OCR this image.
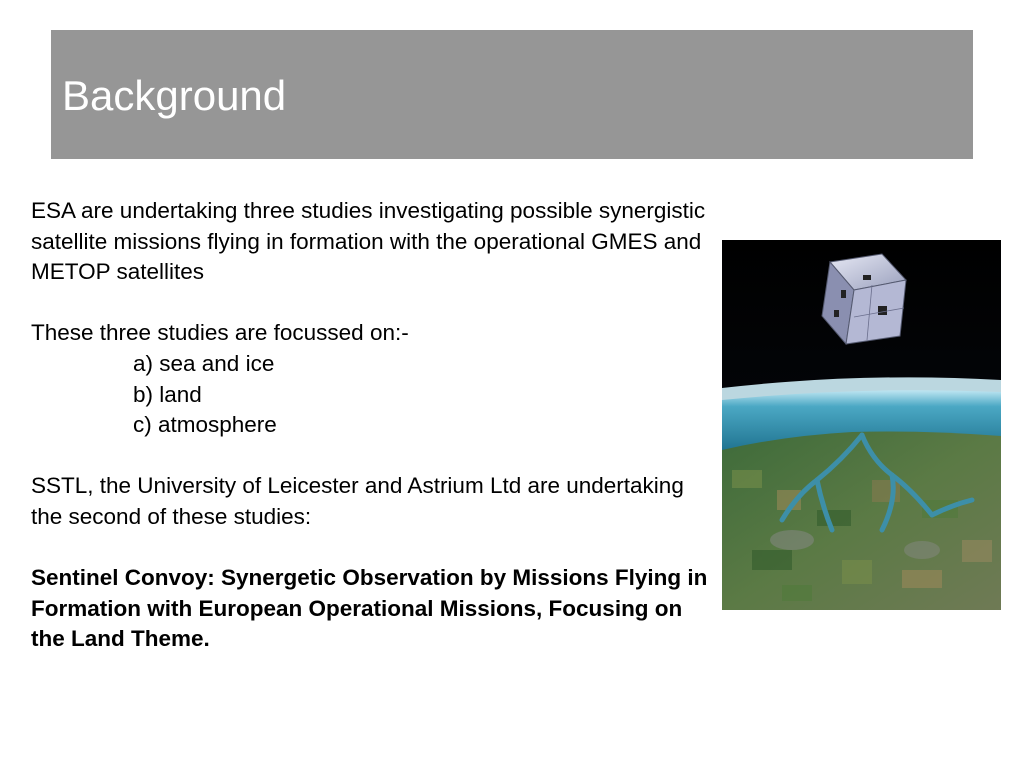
Background

ESA are undertaking three studies investigating possible synergistic satellite missions flying in formation with the operational GMES and METOP satellites

These three studies are focussed on:-

a) sea and ice

b) land

c) atmosphere

SSTL, the University of Leicester and Astrium Ltd are undertaking the second of these studies:

Sentinel Convoy: Synergetic Observation by Missions Flying in Formation with European Operational Missions, Focusing on the Land Theme.
